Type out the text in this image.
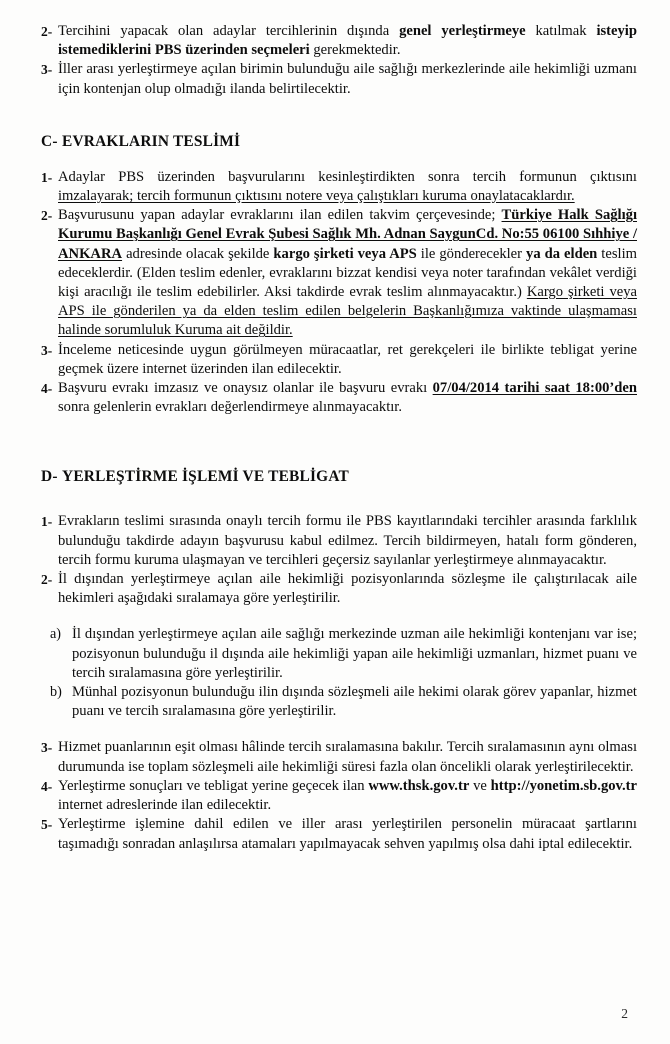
2- Tercihini yapacak olan adaylar tercihlerinin dışında genel yerleştirmeye katılmak isteyip istemediklerini PBS üzerinden seçmeleri gerekmektedir.
3- İller arası yerleştirmeye açılan birimin bulunduğu aile sağlığı merkezlerinde aile hekimliği uzmanı için kontenjan olup olmadığı ilanda belirtilecektir.
C- EVRAKLARIN TESLİMİ
1- Adaylar PBS üzerinden başvurularını kesinleştirdikten sonra tercih formunun çıktısını imzalayarak; tercih formunun çıktısını notere veya çalıştıkları kuruma onaylatacaklardır.
2- Başvurusunu yapan adaylar evraklarını ilan edilen takvim çerçevesinde; Türkiye Halk Sağlığı Kurumu Başkanlığı Genel Evrak Şubesi Sağlık Mh. Adnan SaygunCd. No:55 06100 Sıhhiye / ANKARA adresinde olacak şekilde kargo şirketi veya APS ile gönderecekler ya da elden teslim edeceklerdir. (Elden teslim edenler, evraklarını bizzat kendisi veya noter tarafından vekâlet verdiği kişi aracılığı ile teslim edebilirler. Aksi takdirde evrak teslim alınmayacaktır.) Kargo şirketi veya APS ile gönderilen ya da elden teslim edilen belgelerin Başkanlığımıza vaktinde ulaşmaması halinde sorumluluk Kuruma ait değildir.
3- İnceleme neticesinde uygun görülmeyen müracaatlar, ret gerekçeleri ile birlikte tebligat yerine geçmek üzere internet üzerinden ilan edilecektir.
4- Başvuru evrakı imzasız ve onaysız olanlar ile başvuru evrakı 07/04/2014 tarihi saat 18:00’den sonra gelenlerin evrakları değerlendirmeye alınmayacaktır.
D- YERLEŞTİRME İŞLEMİ VE TEBLİGAT
1- Evrakların teslimi sırasında onaylı tercih formu ile PBS kayıtlarındaki tercihler arasında farklılık bulunduğu takdirde adayın başvurusu kabul edilmez. Tercih bildirmeyen, hatalı form gönderen, tercih formu kuruma ulaşmayan ve tercihleri geçersiz sayılanlar yerleştirmeye alınmayacaktır.
2- İl dışından yerleştirmeye açılan aile hekimliği pozisyonlarında sözleşme ile çalıştırılacak aile hekimleri aşağıdaki sıralamaya göre yerleştirilir.
a) İl dışından yerleştirmeye açılan aile sağlığı merkezinde uzman aile hekimliği kontenjanı var ise; pozisyonun bulunduğu il dışında aile hekimliği yapan aile hekimliği uzmanları, hizmet puanı ve tercih sıralamasına göre yerleştirilir.
b) Münhal pozisyonun bulunduğu ilin dışında sözleşmeli aile hekimi olarak görev yapanlar, hizmet puanı ve tercih sıralamasına göre yerleştirilir.
3- Hizmet puanlarının eşit olması hâlinde tercih sıralamasına bakılır. Tercih sıralamasının aynı olması durumunda ise toplam sözleşmeli aile hekimliği süresi fazla olan öncelikli olarak yerleştirilecektir.
4- Yerleştirme sonuçları ve tebligat yerine geçecek ilan www.thsk.gov.tr ve http://yonetim.sb.gov.tr internet adreslerinde ilan edilecektir.
5- Yerleştirme işlemine dahil edilen ve iller arası yerleştirilen personelin müracaat şartlarını taşımadığı sonradan anlaşılırsa atamaları yapılmayacak sehven yapılmış olsa dahi iptal edilecektir.
2
